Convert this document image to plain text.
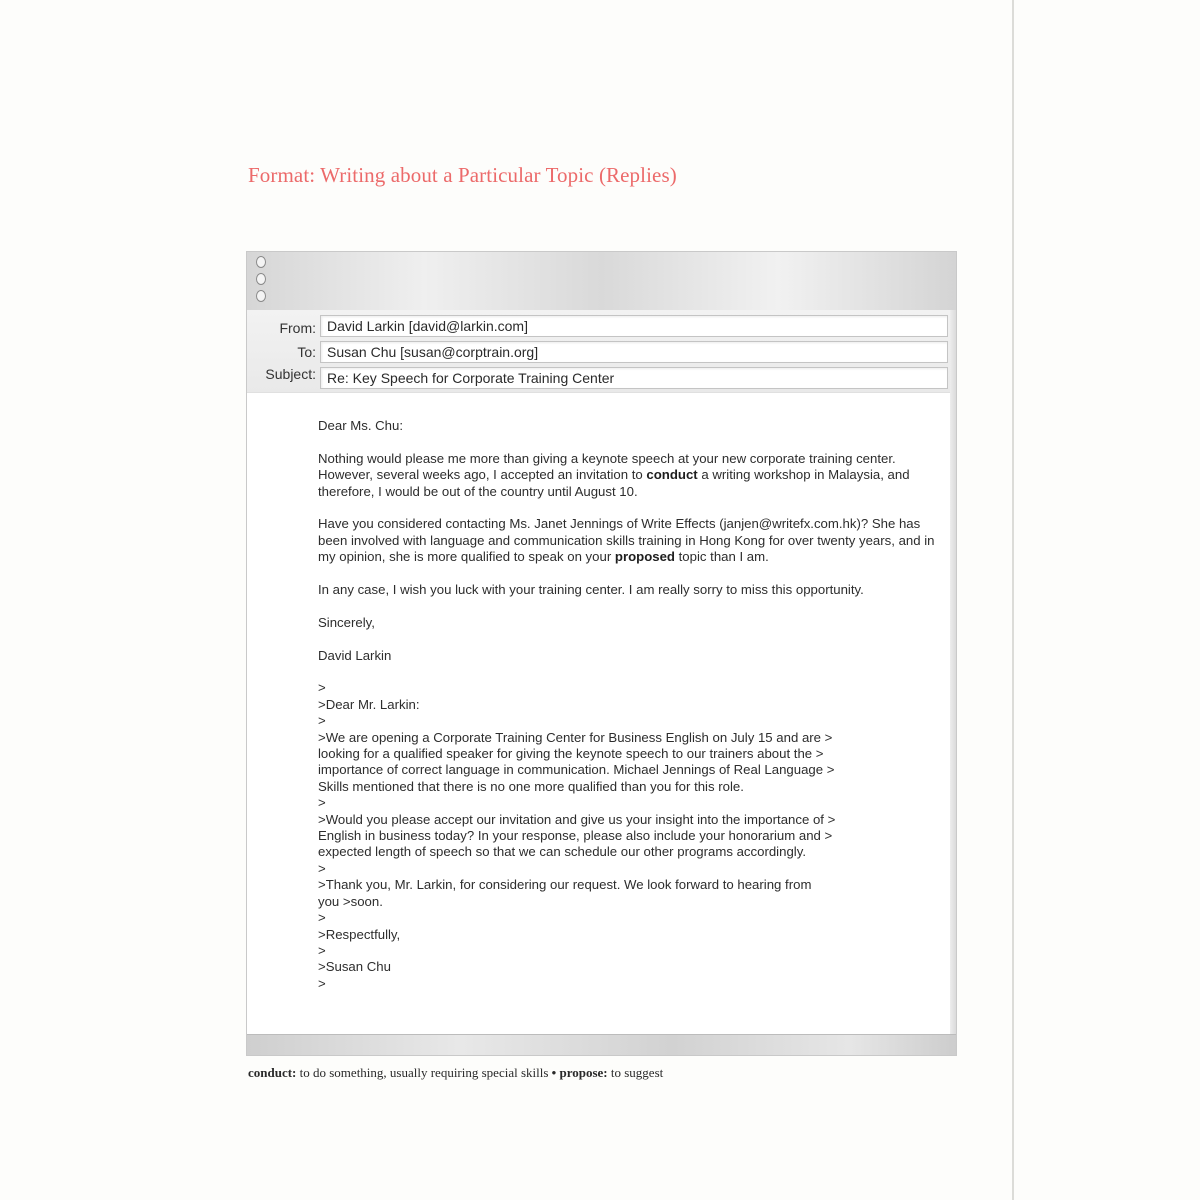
Format: Writing about a Particular Topic (Replies)
From: David Larkin [david@larkin.com]
To: Susan Chu [susan@corptrain.org]
Subject: Re: Key Speech for Corporate Training Center

Dear Ms. Chu:

Nothing would please me more than giving a keynote speech at your new corporate training center. However, several weeks ago, I accepted an invitation to conduct a writing workshop in Malaysia, and therefore, I would be out of the country until August 10.

Have you considered contacting Ms. Janet Jennings of Write Effects (janjen@writefx.com.hk)? She has been involved with language and communication skills training in Hong Kong for over twenty years, and in my opinion, she is more qualified to speak on your proposed topic than I am.

In any case, I wish you luck with your training center. I am really sorry to miss this opportunity.

Sincerely,

David Larkin

>

>Dear Mr. Larkin:

>

>We are opening a Corporate Training Center for Business English on July 15 and are >

looking for a qualified speaker for giving the keynote speech to our trainers about the >

importance of correct language in communication. Michael Jennings of Real Language >

Skills mentioned that there is no one more qualified than you for this role.

>

>Would you please accept our invitation and give us your insight into the importance of >

English in business today? In your response, please also include your honorarium and >

expected length of speech so that we can schedule our other programs accordingly.

>

>Thank you, Mr. Larkin, for considering our request. We look forward to hearing from

you >soon.

>

>Respectfully,

>

>Susan Chu

>

conduct: to do something, usually requiring special skills • propose: to suggest
